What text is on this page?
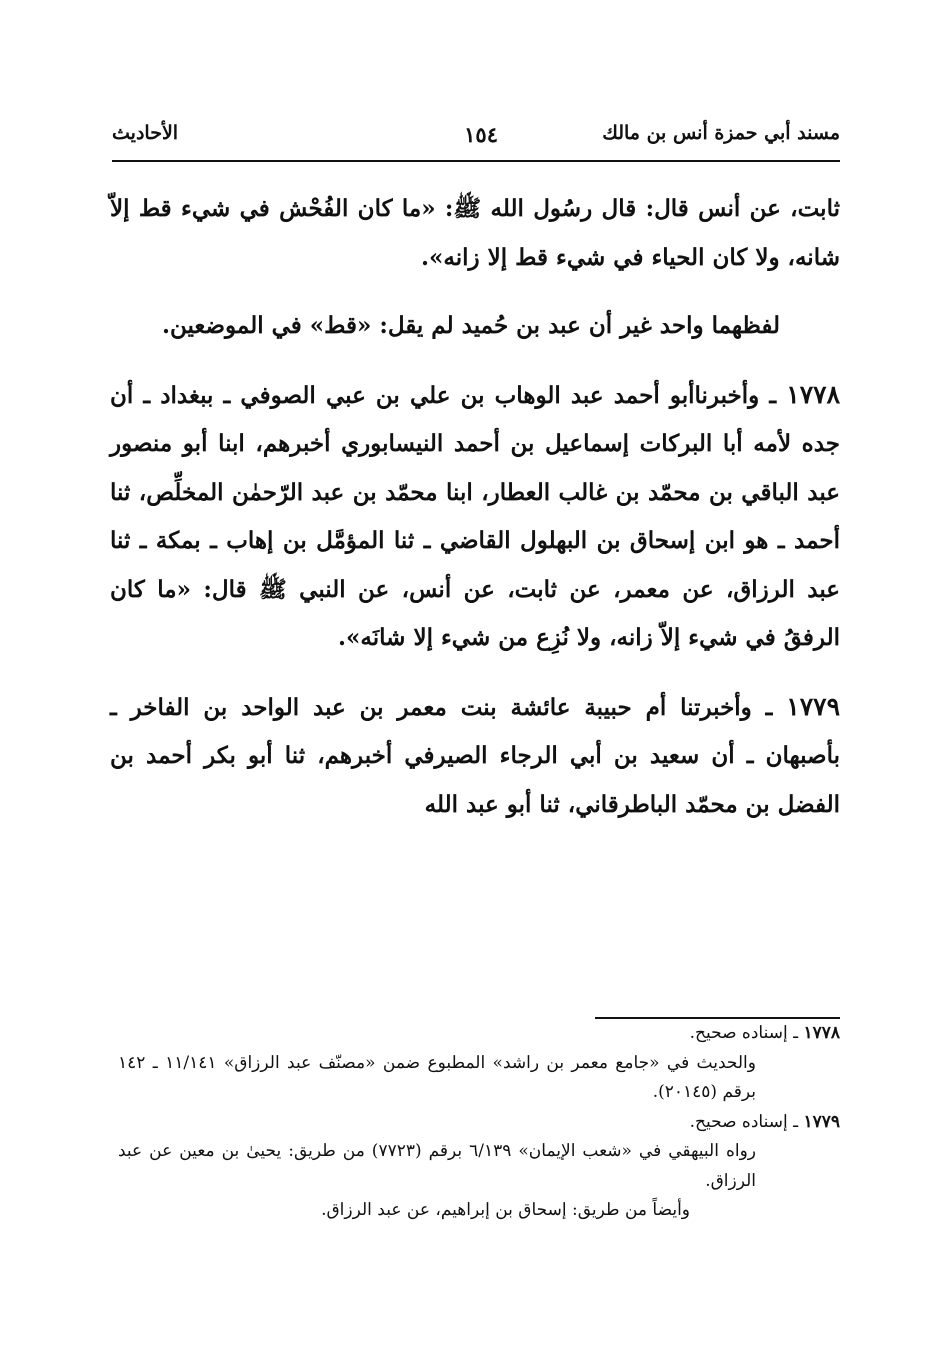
مسند أبي حمزة أنس بن مالك
١٥٤
الأحاديث

ثابت، عن أنس قال: قال رسُول الله ﷺ: «ما كان الفُحْش في شيء قط إلاّ شانه، ولا كان الحياء في شيء قط إلا زانه».

لفظهما واحد غير أن عبد بن حُميد لم يقل: «قط» في الموضعين.

١٧٧٨ ـ وأخبرناأبو أحمد عبد الوهاب بن علي بن عبي الصوفي ـ ببغداد ـ أن جده لأمه أبا البركات إسماعيل بن أحمد النيسابوري أخبرهم، ابنا أبو منصور عبد الباقي بن محمّد بن غالب العطار، ابنا محمّد بن عبد الرّحمٰن المخلِّص، ثنا أحمد ـ هو ابن إسحاق بن البهلول القاضي ـ ثنا المؤمَّل بن إهاب ـ بمكة ـ ثنا عبد الرزاق، عن معمر، عن ثابت، عن أنس، عن النبي ﷺ قال: «ما كان الرفقُ في شيء إلاّ زانه، ولا نُزِع من شيء إلا شانَه».

١٧٧٩ ـ وأخبرتنا أم حبيبة عائشة بنت معمر بن عبد الواحد بن الفاخر ـ بأصبهان ـ أن سعيد بن أبي الرجاء الصيرفي أخبرهم، ثنا أبو بكر أحمد بن الفضل بن محمّد الباطرقاني، ثنا أبو عبد الله

١٧٧٨ ـ إسناده صحيح.

والحديث في «جامع معمر بن راشد» المطبوع ضمن «مصنّف عبد الرزاق» ١١/١٤١ ـ ١٤٢ برقم (٢٠١٤٥).

١٧٧٩ ـ إسناده صحيح.

رواه البيهقي في «شعب الإيمان» ٦/١٣٩ برقم (٧٧٢٣) من طريق: يحيىٰ بن معين عن عبد الرزاق.

وأيضاً من طريق: إسحاق بن إبراهيم، عن عبد الرزاق.
